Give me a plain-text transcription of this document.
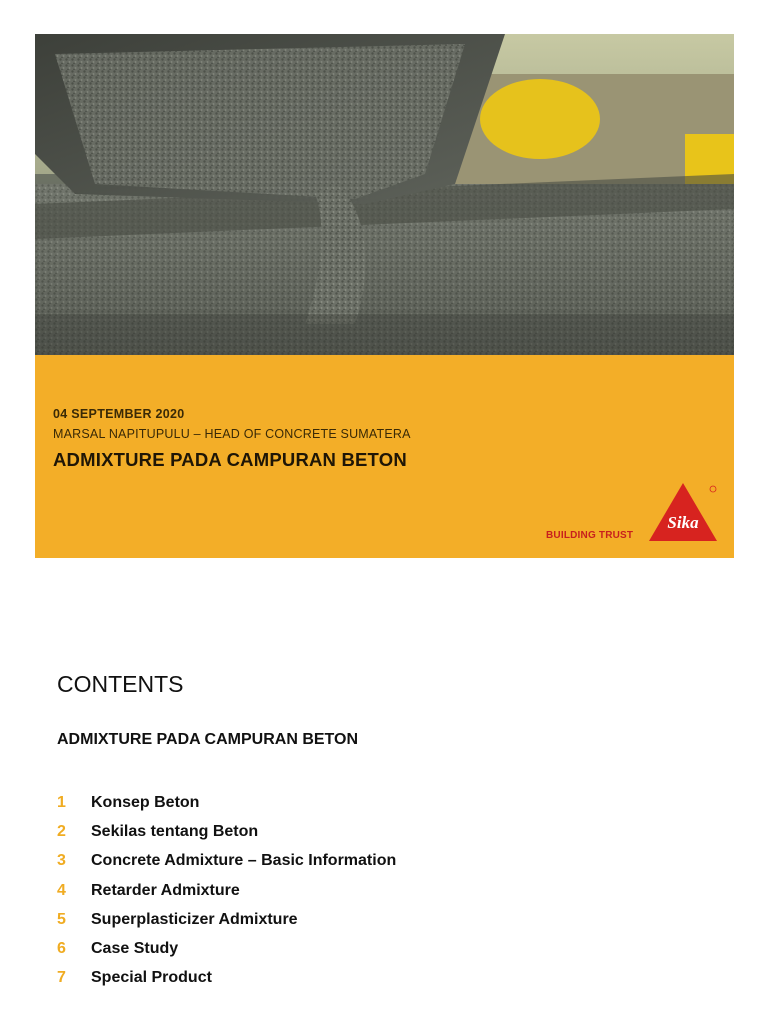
04 SEPTEMBER 2020
MARSAL NAPITUPULU – HEAD OF CONCRETE SUMATERA
ADMIXTURE PADA CAMPURAN BETON
BUILDING TRUST
Sika
CONTENTS
ADMIXTURE PADA CAMPURAN BETON
1	Konsep Beton
2	Sekilas tentang Beton
3	Concrete Admixture – Basic Information
4	Retarder Admixture
5	Superplasticizer Admixture
6	Case Study
7	Special Product
